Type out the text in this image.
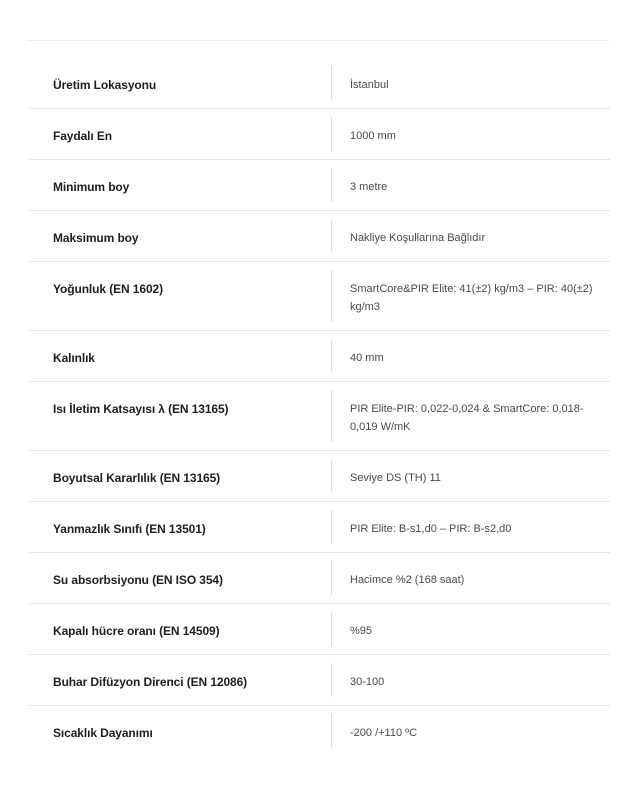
Üretim Lokasyonu	İstanbul
Faydalı En	1000 mm
Minimum boy	3 metre
Maksimum boy	Nakliye Koşullarına Bağlıdır
Yoğunluk (EN 1602)	SmartCore&PIR Elite: 41(±2) kg/m3 – PIR: 40(±2) kg/m3
Kalınlık	40 mm
Isı İletim Katsayısı λ (EN 13165)	PIR Elite-PIR: 0,022-0,024 & SmartCore: 0,018-0,019 W/mK
Boyutsal Kararlılık (EN 13165)	Seviye DS (TH) 11
Yanmazlık Sınıfı (EN 13501)	PIR Elite: B-s1,d0 – PIR: B-s2,d0
Su absorbsiyonu (EN ISO 354)	Hacimce %2 (168 saat)
Kapalı hücre oranı (EN 14509)	%95
Buhar Difüzyon Direnci (EN 12086)	30-100
Sıcaklık Dayanımı	-200 /+110 ºC
